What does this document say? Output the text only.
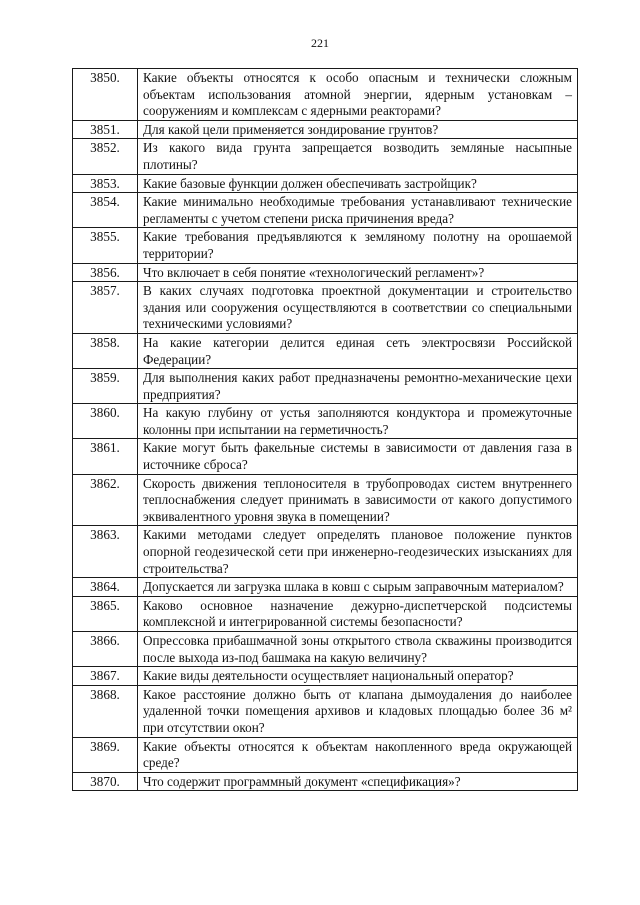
221
3850.	Какие объекты относятся к особо опасным и технически сложным объектам использования атомной энергии, ядерным установкам – сооружениям и комплексам с ядерными реакторами?
3851.	Для какой цели применяется зондирование грунтов?
3852.	Из какого вида грунта запрещается возводить земляные насыпные плотины?
3853.	Какие базовые функции должен обеспечивать застройщик?
3854.	Какие минимально необходимые требования устанавливают технические регламенты с учетом степени риска причинения вреда?
3855.	Какие требования предъявляются к земляному полотну на орошаемой территории?
3856.	Что включает в себя понятие «технологический регламент»?
3857.	В каких случаях подготовка проектной документации и строительство здания или сооружения осуществляются в соответствии со специальными техническими условиями?
3858.	На какие категории делится единая сеть электросвязи Российской Федерации?
3859.	Для выполнения каких работ предназначены ремонтно-механические цехи предприятия?
3860.	На какую глубину от устья заполняются кондуктора и промежуточные колонны при испытании на герметичность?
3861.	Какие могут быть факельные системы в зависимости от давления газа в источнике сброса?
3862.	Скорость движения теплоносителя в трубопроводах систем внутреннего теплоснабжения следует принимать в зависимости от какого допустимого эквивалентного уровня звука в помещении?
3863.	Какими методами следует определять плановое положение пунктов опорной геодезической сети при инженерно-геодезических изысканиях для строительства?
3864.	Допускается ли загрузка шлака в ковш с сырым заправочным материалом?
3865.	Каково основное назначение дежурно-диспетчерской подсистемы комплексной и интегрированной системы безопасности?
3866.	Опрессовка прибашмачной зоны открытого ствола скважины производится после выхода из-под башмака на какую величину?
3867.	Какие виды деятельности осуществляет национальный оператор?
3868.	Какое расстояние должно быть от клапана дымоудаления до наиболее удаленной точки помещения архивов и кладовых площадью более 36 м² при отсутствии окон?
3869.	Какие объекты относятся к объектам накопленного вреда окружающей среде?
3870.	Что содержит программный документ «спецификация»?
